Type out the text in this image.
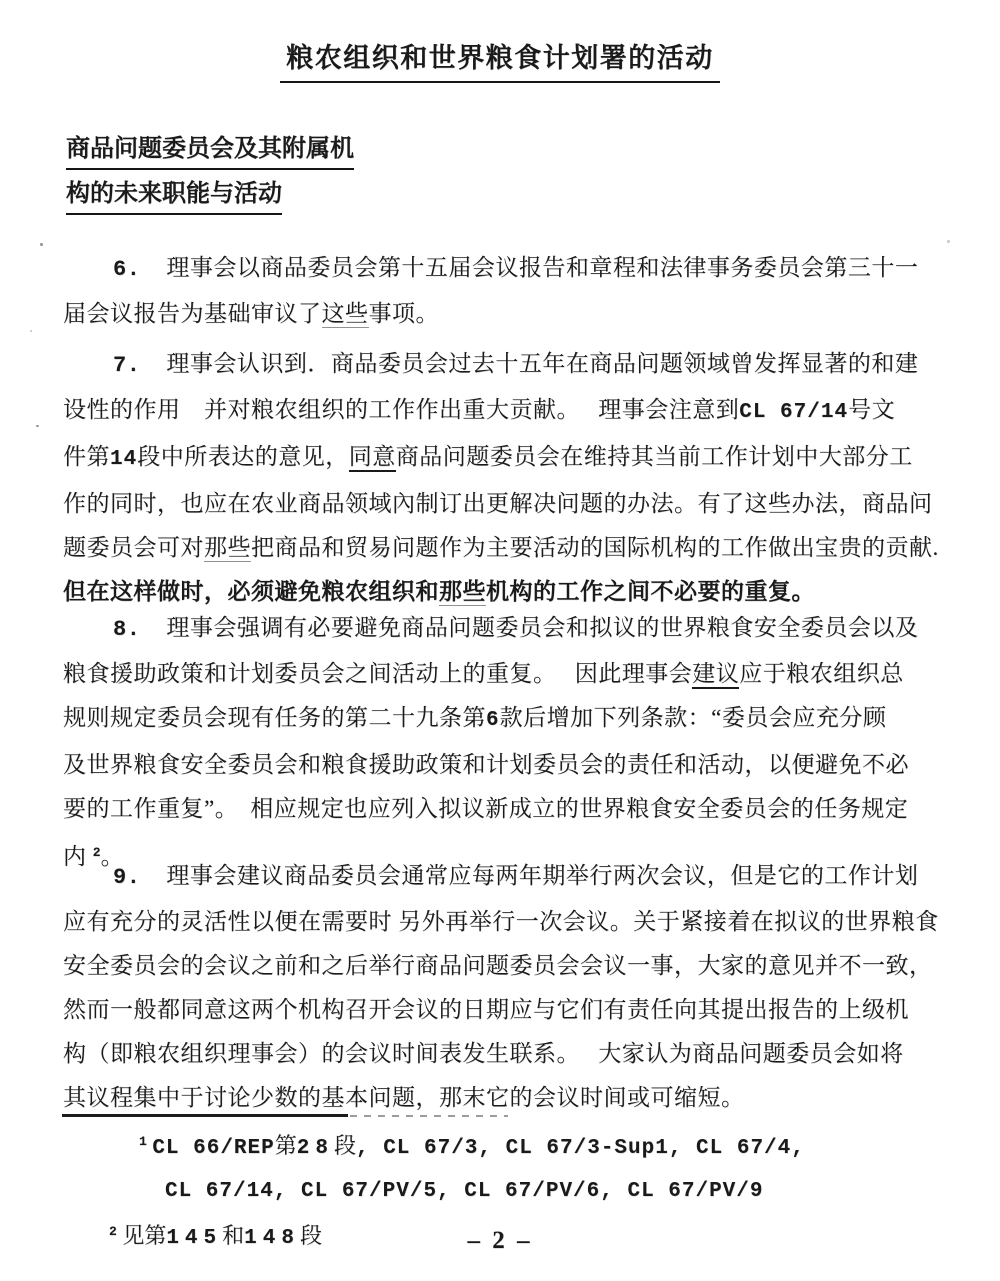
粮农组织和世界粮食计划署的活动
商品问题委员会及其附属机
构的未来职能与活动
6. 理事会以商品委员会第十五届会议报告和章程和法律事务委员会第三十一
届会议报告为基础审议了这些事项。
7. 理事会认识到．商品委员会过去十五年在商品问题领域曾发挥显著的和建
设性的作用　并对粮农组织的工作作出重大贡献。　 理事会注意到CL 67/14号文
件第14段中所表达的意见，同意商品问题委员会在维持其当前工作计划中大部分工
作的同时，也应在农业商品领域內制订出更解决问题的办法。有了这些办法，商品问
题委员会可对那些把商品和贸易问题作为主要活动的国际机构的工作做出宝贵的贡献.
但在这样做时，必须避免粮农组织和那些机构的工作之间不必要的重复。
8. 理事会强调有必要避免商品问题委员会和拟议的世界粮食安全委员会以及
粮食援助政策和计划委员会之间活动上的重复。　 因此理事会建议应于粮农组织总
规则规定委员会现有任务的第二十九条第6款后增加下列条款：“委员会应充分顾
及世界粮食安全委员会和粮食援助政策和计划委员会的责任和活动，以便避免不必
要的工作重复”。　相应规定也应列入拟议新成立的世界粮食安全委员会的任务规定
内 $^2$。
9. 理事会建议商品委员会通常应每两年期举行两次会议，但是它的工作计划
应有充分的灵活性以便在需要时 另外再举行一次会议。关于紧接着在拟议的世界粮食
安全委员会的会议之前和之后举行商品问题委员会会议一事，大家的意见并不一致，
然而一般都同意这两个机构召开会议的日期应与它们有责任向其提出报告的上级机
构（即粮农组织理事会）的会议时间表发生联系。　 大家认为商品问题委员会如将
其议程集中于讨论少数的基本问题，那末它的会议时间或可缩短。
$^1$ CL 66/REP第28段, CL 67/3, CL 67/3-Sup1, CL 67/4,
CL 67/14, CL 67/PV/5, CL 67/PV/6, CL 67/PV/9
$^2$ 见第145和148段	– 2 –
